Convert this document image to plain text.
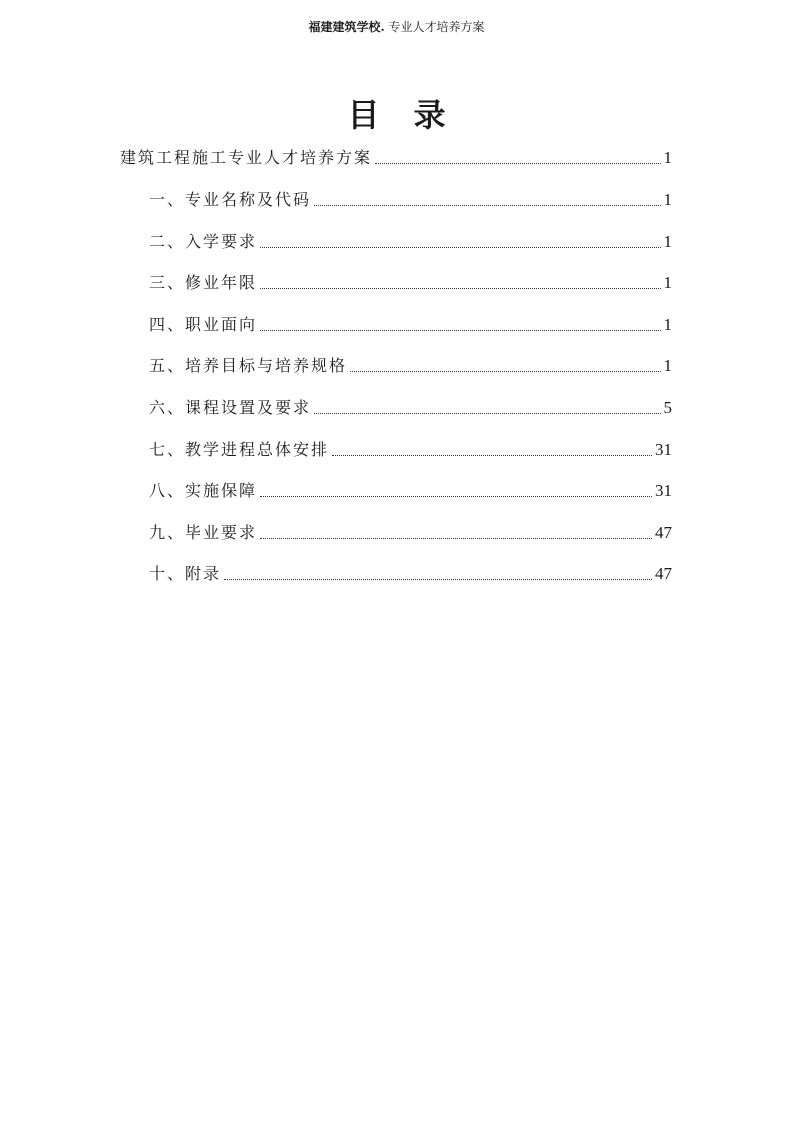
福建建筑学校. 专业人才培养方案
目 录
建筑工程施工专业人才培养方案	1
一、专业名称及代码	1
二、入学要求	1
三、修业年限	1
四、职业面向	1
五、培养目标与培养规格	1
六、课程设置及要求	5
七、教学进程总体安排	31
八、实施保障	31
九、毕业要求	47
十、附录	47
